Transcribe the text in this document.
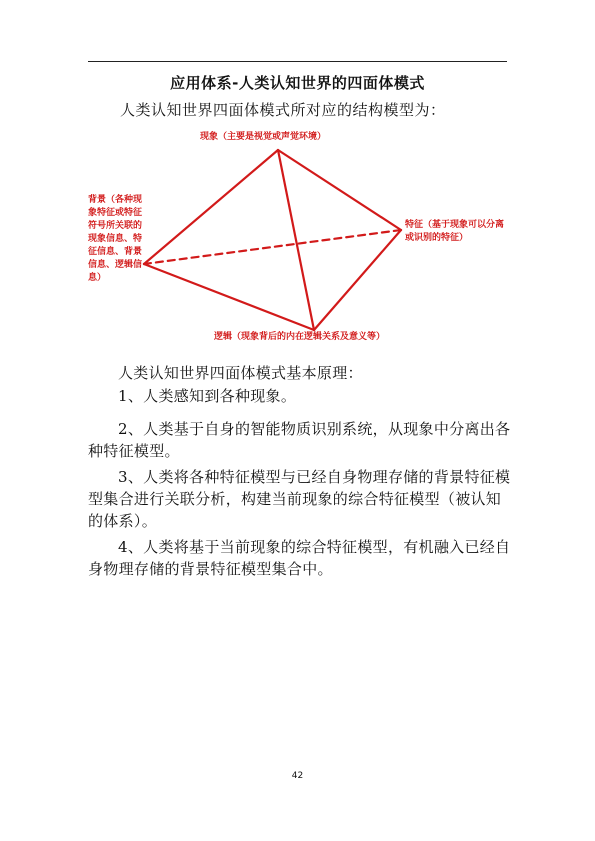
应用体系-人类认知世界的四面体模式
人类认知世界四面体模式所对应的结构模型为：
现象（主要是视觉或声觉环境）
特征（基于现象可以分离或识别的特征）
背景（各种现象特征或特征符号所关联的现象信息、特征信息、背景信息、逻辑信息）
逻辑（现象背后的内在逻辑关系及意义等）
人类认知世界四面体模式基本原理：
1、人类感知到各种现象。
2、人类基于自身的智能物质识别系统，从现象中分离出各种特征模型。
3、人类将各种特征模型与已经自身物理存储的背景特征模型集合进行关联分析，构建当前现象的综合特征模型（被认知的体系）。
4、人类将基于当前现象的综合特征模型，有机融入已经自身物理存储的背景特征模型集合中。
42
